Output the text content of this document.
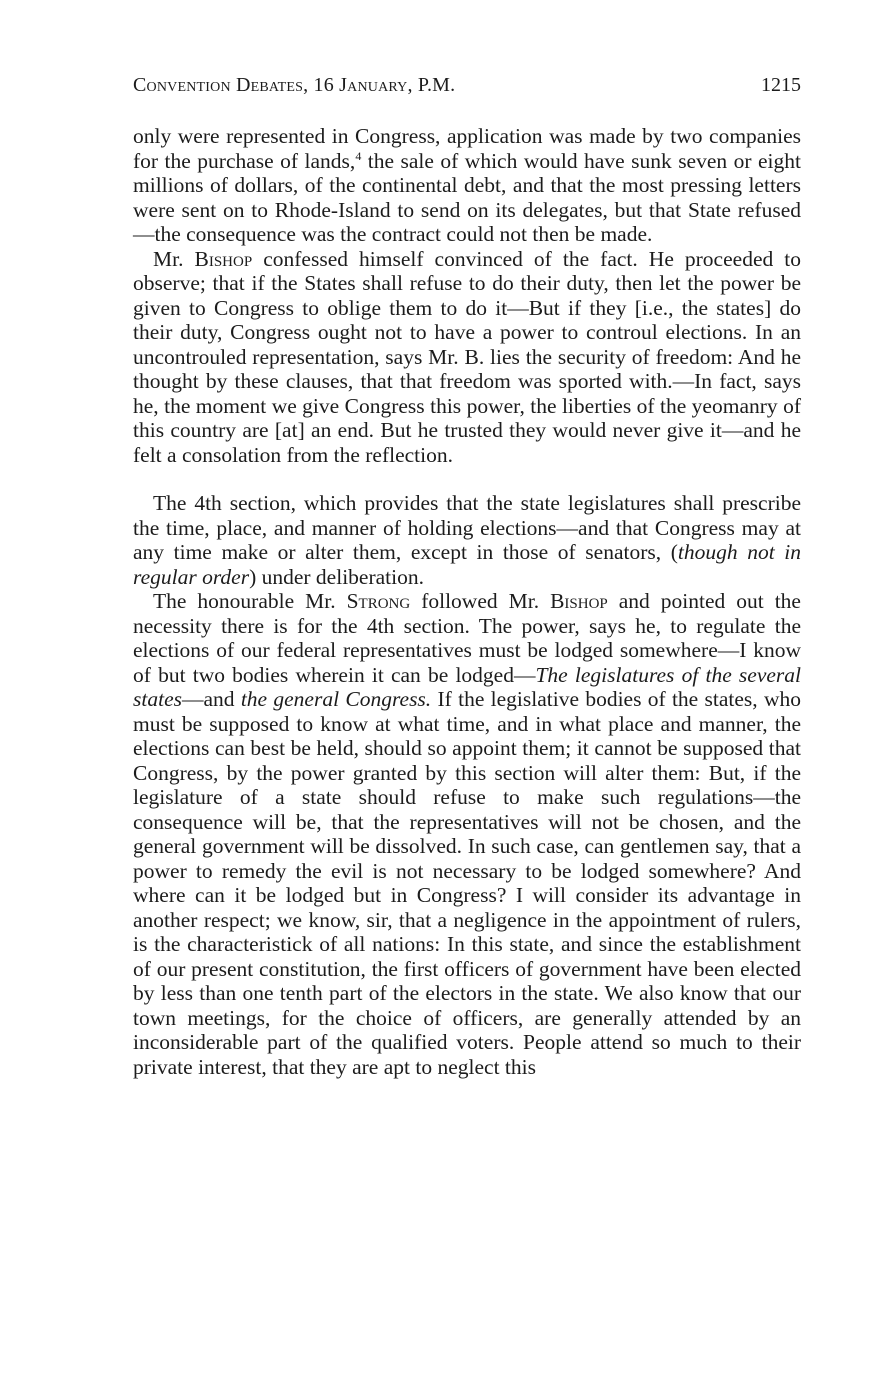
Convention Debates, 16 January, P.M.	1215

only were represented in Congress, application was made by two companies for the purchase of lands,$^4$ the sale of which would have sunk seven or eight millions of dollars, of the continental debt, and that the most pressing letters were sent on to Rhode-Island to send on its delegates, but that State refused—the consequence was the contract could not then be made.

Mr. Bishop confessed himself convinced of the fact. He proceeded to observe; that if the States shall refuse to do their duty, then let the power be given to Congress to oblige them to do it—But if they [i.e., the states] do their duty, Congress ought not to have a power to controul elections. In an uncontrouled representation, says Mr. B. lies the security of freedom: And he thought by these clauses, that that freedom was sported with.—In fact, says he, the moment we give Congress this power, the liberties of the yeomanry of this country are [at] an end. But he trusted they would never give it—and he felt a consolation from the reflection.

The 4th section, which provides that the state legislatures shall prescribe the time, place, and manner of holding elections—and that Congress may at any time make or alter them, except in those of senators, (though not in regular order) under deliberation.

The honourable Mr. Strong followed Mr. Bishop and pointed out the necessity there is for the 4th section. The power, says he, to regulate the elections of our federal representatives must be lodged somewhere—I know of but two bodies wherein it can be lodged—The legislatures of the several states—and the general Congress. If the legislative bodies of the states, who must be supposed to know at what time, and in what place and manner, the elections can best be held, should so appoint them; it cannot be supposed that Congress, by the power granted by this section will alter them: But, if the legislature of a state should refuse to make such regulations—the consequence will be, that the representatives will not be chosen, and the general government will be dissolved. In such case, can gentlemen say, that a power to remedy the evil is not necessary to be lodged somewhere? And where can it be lodged but in Congress? I will consider its advantage in another respect; we know, sir, that a negligence in the appointment of rulers, is the characteristick of all nations: In this state, and since the establishment of our present constitution, the first officers of government have been elected by less than one tenth part of the electors in the state. We also know that our town meetings, for the choice of officers, are generally attended by an inconsiderable part of the qualified voters. People attend so much to their private interest, that they are apt to neglect this
